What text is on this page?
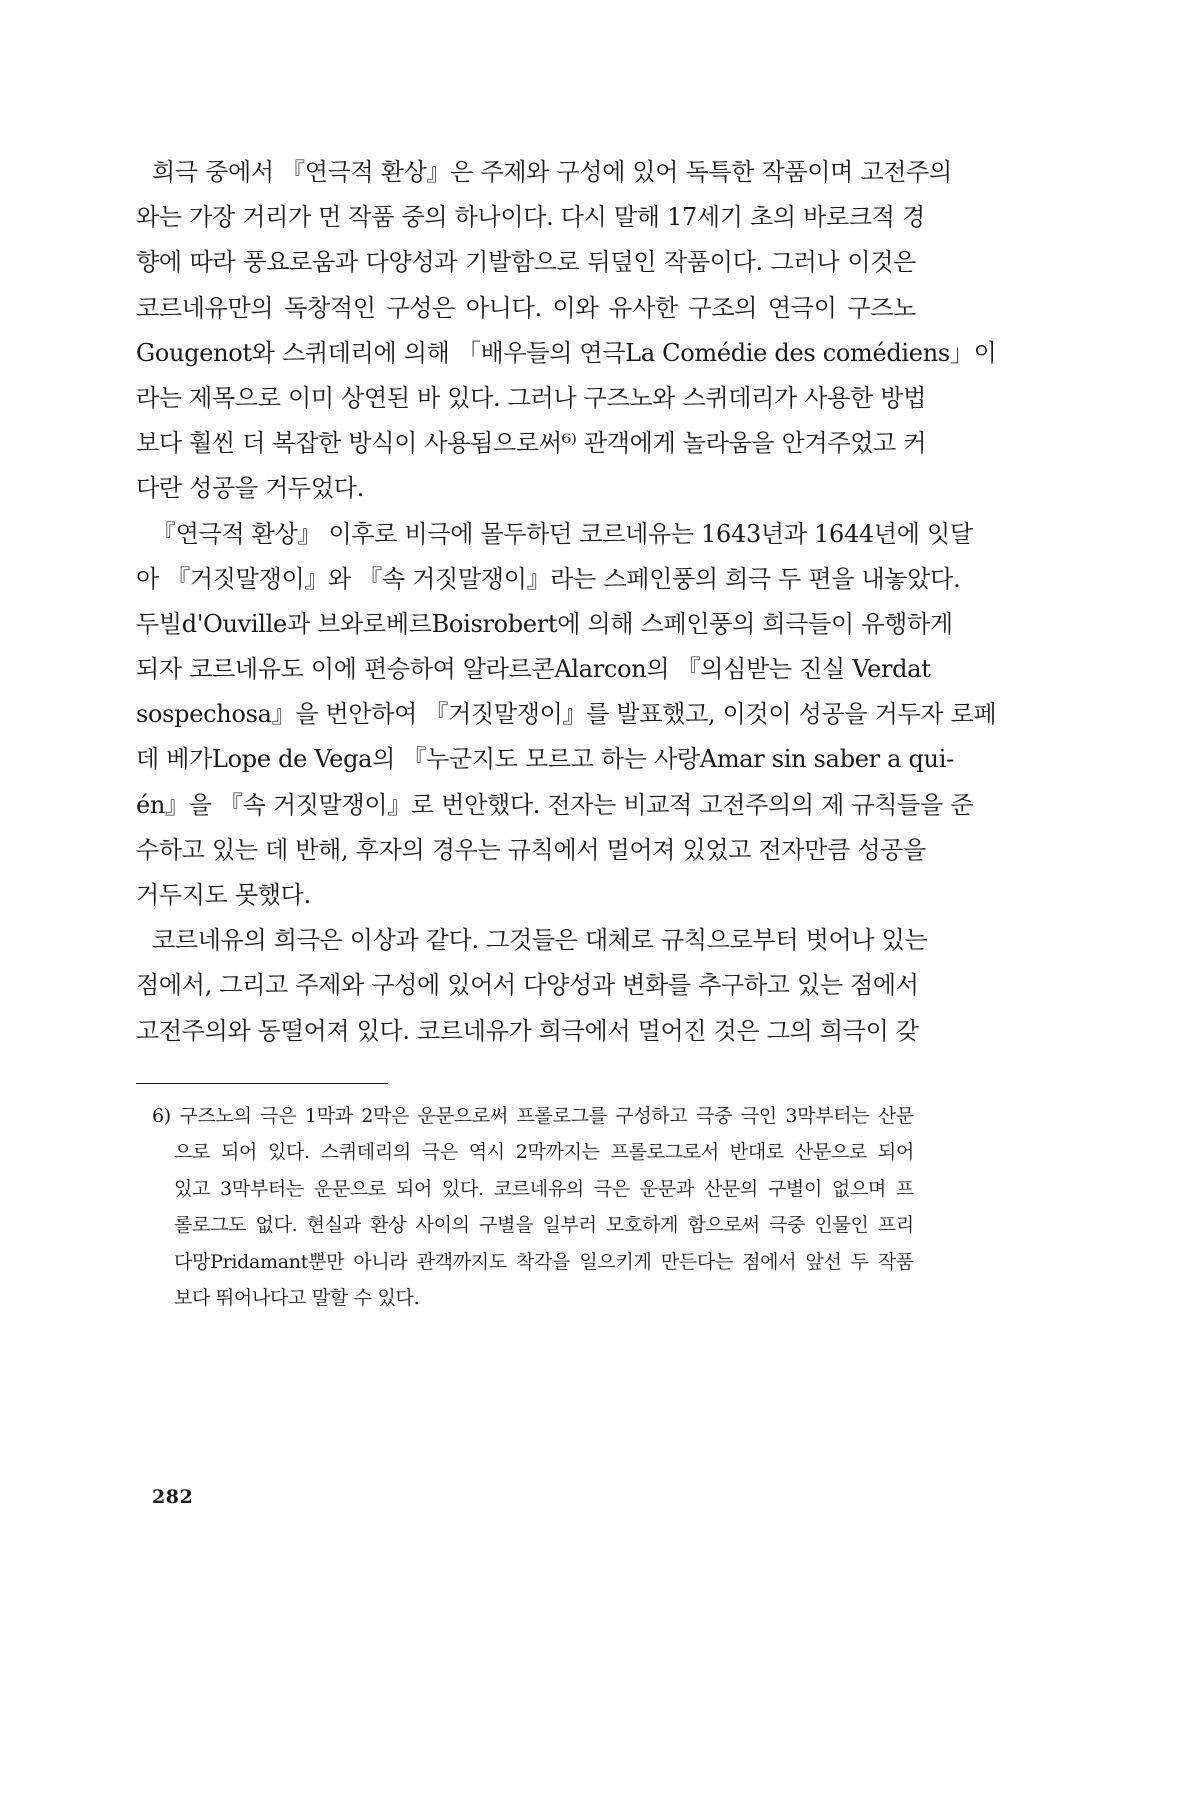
희극 중에서 『연극적 환상』은 주제와 구성에 있어 독특한 작품이며 고전주의
와는 가장 거리가 먼 작품 중의 하나이다. 다시 말해 17세기 초의 바로크적 경
향에 따라 풍요로움과 다양성과 기발함으로 뒤덮인 작품이다. 그러나 이것은
코르네유만의 독창적인 구성은 아니다. 이와 유사한 구조의 연극이 구즈노
Gougenot와 스퀴데리에 의해 「배우들의 연극La Comédie des comédiens」이
라는 제목으로 이미 상연된 바 있다. 그러나 구즈노와 스퀴데리가 사용한 방법
보다 훨씬 더 복잡한 방식이 사용됨으로써⁶⁾ 관객에게 놀라움을 안겨주었고 커
다란 성공을 거두었다.
『연극적 환상』 이후로 비극에 몰두하던 코르네유는 1643년과 1644년에 잇달
아 『거짓말쟁이』와 『속 거짓말쟁이』라는 스페인풍의 희극 두 편을 내놓았다.
두빌d'Ouville과 브와로베르Boisrobert에 의해 스페인풍의 희극들이 유행하게
되자 코르네유도 이에 편승하여 알라르콘Alarcon의 『의심받는 진실 Verdat
sospechosa』을 번안하여 『거짓말쟁이』를 발표했고, 이것이 성공을 거두자 로페
데 베가Lope de Vega의 『누군지도 모르고 하는 사랑Amar sin saber a qui-
én』을 『속 거짓말쟁이』로 번안했다. 전자는 비교적 고전주의의 제 규칙들을 준
수하고 있는 데 반해, 후자의 경우는 규칙에서 멀어져 있었고 전자만큼 성공을
거두지도 못했다.
코르네유의 희극은 이상과 같다. 그것들은 대체로 규칙으로부터 벗어나 있는
점에서, 그리고 주제와 구성에 있어서 다양성과 변화를 추구하고 있는 점에서
고전주의와 동떨어져 있다. 코르네유가 희극에서 멀어진 것은 그의 희극이 갖
6) 구즈노의 극은 1막과 2막은 운문으로써 프롤로그를 구성하고 극중 극인 3막부터는 산문
으로 되어 있다. 스퀴데리의 극은 역시 2막까지는 프롤로그로서 반대로 산문으로 되어
있고 3막부터는 운문으로 되어 있다. 코르네유의 극은 운문과 산문의 구별이 없으며 프
롤로그도 없다. 현실과 환상 사이의 구별을 일부러 모호하게 함으로써 극중 인물인 프리
다망Pridamant뿐만 아니라 관객까지도 착각을 일으키게 만든다는 점에서 앞선 두 작품
보다 뛰어나다고 말할 수 있다.
282
